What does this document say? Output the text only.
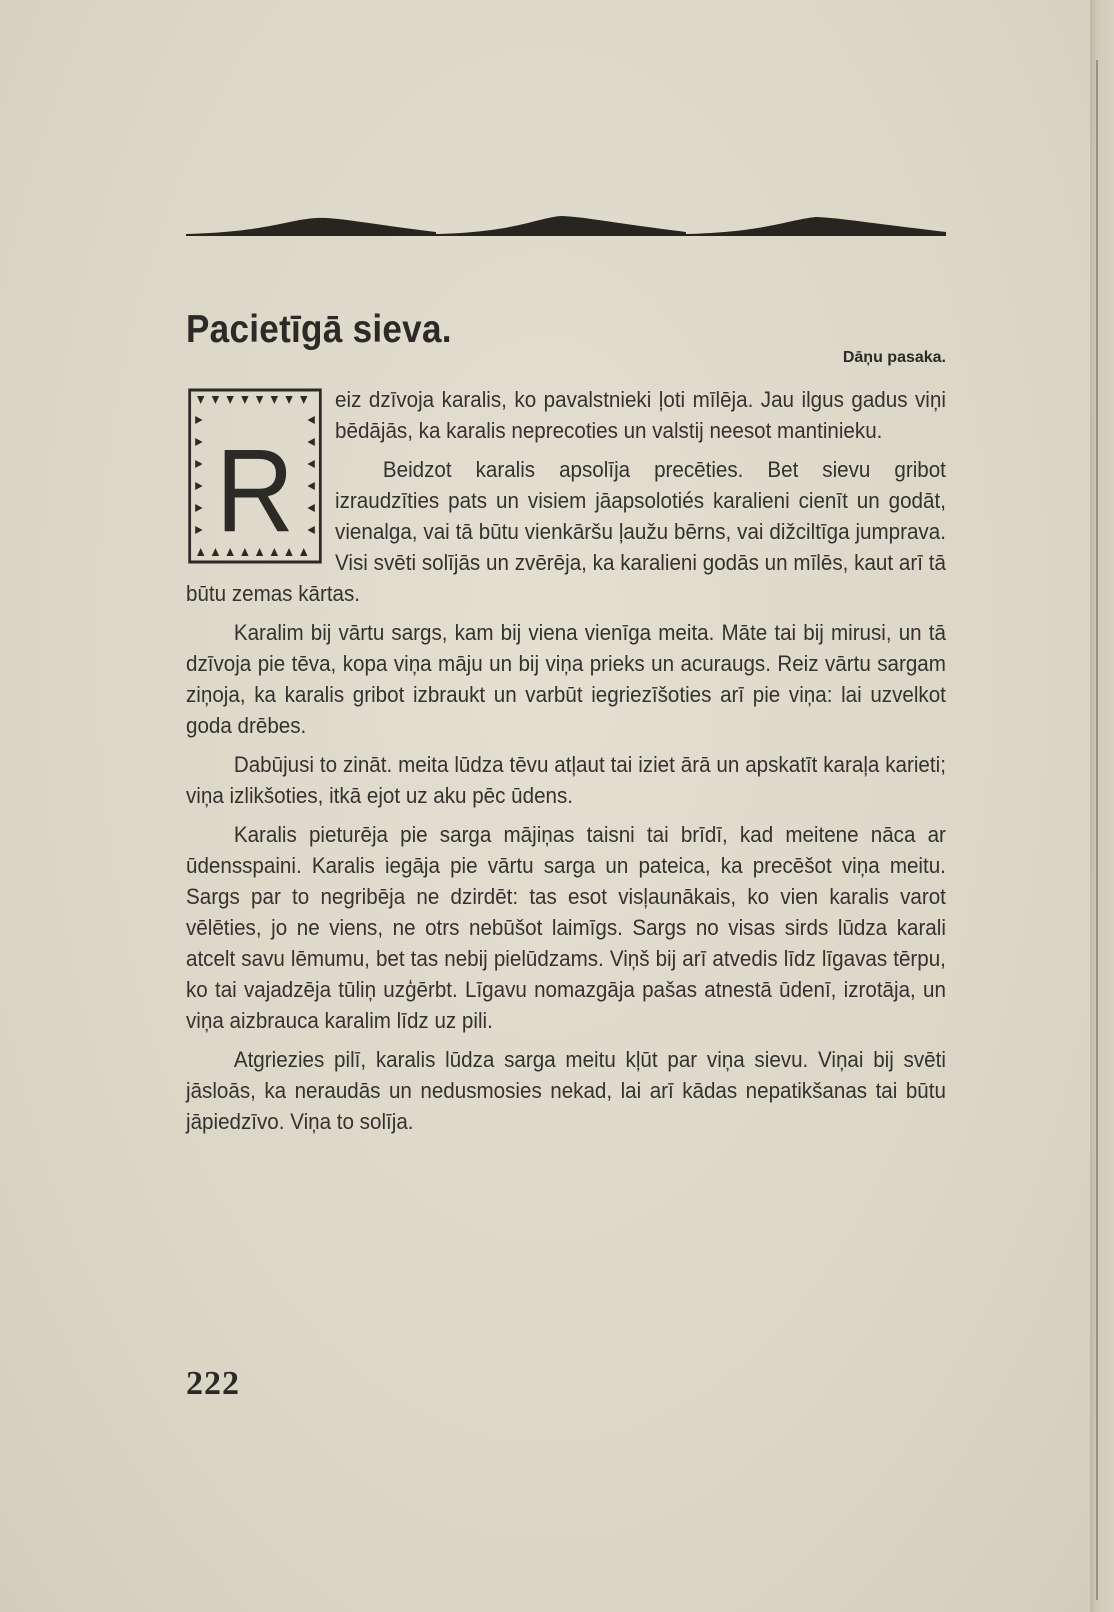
Pacietīgā sieva.
Dāņu pasaka.
R

eiz dzīvoja karalis, ko pavalstnieki ļoti mīlēja. Jau ilgus gadus viņi bēdājās, ka karalis neprecoties un valstij neesot mantinieku.

Beidzot karalis apsolīja precēties. Bet sievu gribot izraudzīties pats un visiem jāapsolotiés karalieni cienīt un godāt, vienalga, vai tā būtu vienkāršu ļaužu bērns, vai dižciltīga jumprava. Visi svēti solījās un zvērēja, ka karalieni godās un mīlēs, kaut arī tā būtu zemas kārtas.

Karalim bij vārtu sargs, kam bij viena vienīga meita. Māte tai bij mirusi, un tā dzīvoja pie tēva, kopa viņa māju un bij viņa prieks un acuraugs. Reiz vārtu sargam ziņoja, ka karalis gribot izbraukt un varbūt iegriezīšoties arī pie viņa: lai uzvelkot goda drēbes.

Dabūjusi to zināt. meita lūdza tēvu atļaut tai iziet ārā un apskatīt karaļa karieti; viņa izlikšoties, itkā ejot uz aku pēc ūdens.

Karalis pieturēja pie sarga mājiņas taisni tai brīdī, kad meitene nāca ar ūdensspaini. Karalis iegāja pie vārtu sarga un pateica, ka precēšot viņa meitu. Sargs par to negribēja ne dzirdēt: tas esot visļaunākais, ko vien karalis varot vēlēties, jo ne viens, ne otrs nebūšot laimīgs. Sargs no visas sirds lūdza karali atcelt savu lēmumu, bet tas nebij pielūdzams. Viņš bij arī atvedis līdz līgavas tērpu, ko tai vajadzēja tūliņ uzģērbt. Līgavu nomazgāja pašas atnestā ūdenī, izrotāja, un viņa aizbrauca karalim līdz uz pili.

Atgriezies pilī, karalis lūdza sarga meitu kļūt par viņa sievu. Viņai bij svēti jāsloās, ka neraudās un nedusmosies nekad, lai arī kādas nepatikšanas tai būtu jāpiedzīvo. Viņa to solīja.

222
